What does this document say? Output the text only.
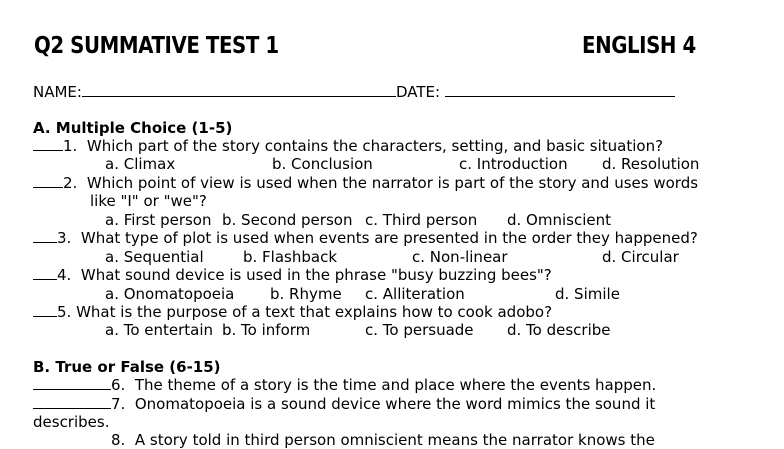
Q2 SUMMATIVE TEST 1	ENGLISH 4
NAME:	DATE:
A. Multiple Choice (1-5)
1. Which part of the story contains the characters, setting, and basic situation?
a. Climax	b. Conclusion	c. Introduction d. Resolution
2. Which point of view is used when the narrator is part of the story and uses words
like "I" or "we"?
a. First person b. Second person c. Third person d. Omniscient
3. What type of plot is used when events are presented in the order they happened?
a. Sequential	b. Flashback	c. Non-linear	d. Circular
4. What sound device is used in the phrase "busy buzzing bees"?
a. Onomatopoeia b. Rhyme c. Alliteration	d. Simile
5. What is the purpose of a text that explains how to cook adobo?
a. To entertain b. To inform	c. To persuade d. To describe
B. True or False (6-15)
6. The theme of a story is the time and place where the events happen.
7. Onomatopoeia is a sound device where the word mimics the sound it
describes.
8. A story told in third person omniscient means the narrator knows the
